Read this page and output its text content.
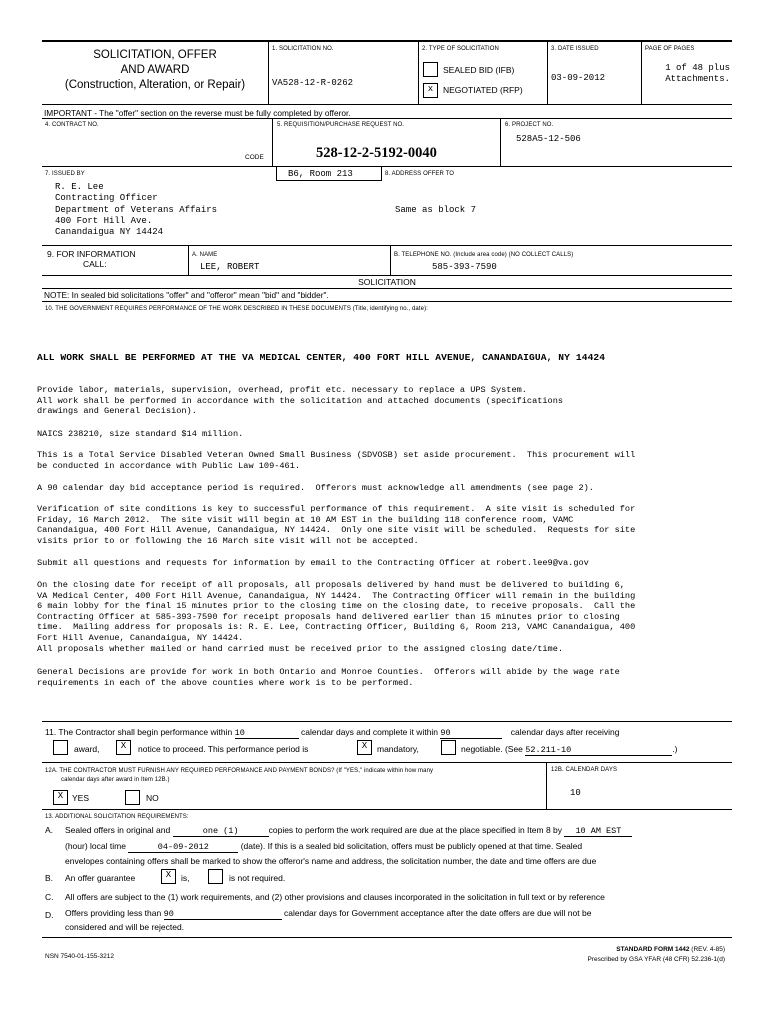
SOLICITATION, OFFER
AND AWARD
(Construction, Alteration, or Repair)
1. SOLICITATION NO.
VA528-12-R-0262
2. TYPE OF SOLICITATION
SEALED BID (IFB)
x	NEGOTIATED (RFP)
3. DATE ISSUED
03-09-2012
PAGE OF PAGES
1 of 48 plus
Attachments.
IMPORTANT - The "offer" section on the reverse must be fully completed by offeror.
4. CONTRACT NO.
CODE
5. REQUISITION/PURCHASE REQUEST NO.
528-12-2-5192-0040
6. PROJECT NO.
528A5-12-506
7. ISSUED BY
R. E. Lee
Contracting Officer
Department of Veterans Affairs
400 Fort Hill Ave.
Canandaigua NY 14424
B6, Room 213	8. ADDRESS OFFER TO
Same as block 7
9. FOR INFORMATION
CALL:
A. NAME
LEE, ROBERT
B. TELEPHONE NO. (Include area code) (NO COLLECT CALLS)
585-393-7590
SOLICITATION
NOTE: In sealed bid solicitations "offer" and "offeror" mean "bid" and "bidder".
10. THE GOVERNMENT REQUIRES PERFORMANCE OF THE WORK DESCRIBED IN THESE DOCUMENTS (Title, identifying no., date):
ALL WORK SHALL BE PERFORMED AT THE VA MEDICAL CENTER, 400 FORT HILL AVENUE, CANANDAIGUA, NY 14424
Provide labor, materials, supervision, overhead, profit etc. necessary to replace a UPS System.
All work shall be performed in accordance with the solicitation and attached documents (specifications
drawings and General Decision).
NAICS 238210, size standard $14 million.
This is a Total Service Disabled Veteran Owned Small Business (SDVOSB) set aside procurement.  This procurement will
be conducted in accordance with Public Law 109-461.
A 90 calendar day bid acceptance period is required.  Offerors must acknowledge all amendments (see page 2).
Verification of site conditions is key to successful performance of this requirement.  A site visit is scheduled for
Friday, 16 March 2012.  The site visit will begin at 10 AM EST in the building 118 conference room, VAMC
Canandaigua, 400 Fort Hill Avenue, Canandaigua, NY 14424.  Only one site visit will be scheduled.  Requests for site
visits prior to or following the 16 March site visit will not be accepted.
Submit all questions and requests for information by email to the Contracting Officer at robert.lee9@va.gov
On the closing date for receipt of all proposals, all proposals delivered by hand must be delivered to building 6,
VA Medical Center, 400 Fort Hill Avenue, Canandaigua, NY 14424.  The Contracting Officer will remain in the building
6 main lobby for the final 15 minutes prior to the closing time on the closing date, to receive proposals.  Call the
Contracting Officer at 585-393-7590 for receipt proposals hand delivered earlier than 15 minutes prior to closing
time.  Mailing address for proposals is: R. E. Lee, Contracting Officer, Building 6, Room 213, VAMC Canandaigua, 400
Fort Hill Avenue, Canandaigua, NY 14424.
All proposals whether mailed or hand carried must be received prior to the assigned closing date/time.
General Decisions are provide for work in both Ontario and Monroe Counties.  Offerors will abide by the wage rate
requirements in each of the above counties where work is to be performed.
11. The Contractor shall begin performance within 10	calendar days and complete it within 90	calendar days after receiving
award,	X	notice to proceed. This performance period is	X	mandatory,	negotiable. (See 52.211-10	.)
12A. THE CONTRACTOR MUST FURNISH ANY REQUIRED PERFORMANCE AND PAYMENT BONDS? (If "YES," indicate within how many
calendar days after award in Item 12B.)
X	YES	NO
12B. CALENDAR DAYS
10
13. ADDITIONAL SOLICITATION REQUIREMENTS:
A. Sealed offers in original and	one (1)	copies to perform the work required are due at the place specified in Item 8 by 10 AM EST
(hour) local time	04-09-2012	(date). If this is a sealed bid solicitation, offers must be publicly opened at that time. Sealed
envelopes containing offers shall be marked to show the offeror's name and address, the solicitation number, the date and time offers are due
B. An offer guarantee	X	is,	is not required.
C. All offers are subject to the (1) work requirements, and (2) other provisions and clauses incorporated in the solicitation in full text or by reference
D. Offers providing less than 90	calendar days for Government acceptance after the date offers are due will not be
considered and will be rejected.
NSN 7540-01-155-3212
STANDARD FORM 1442 (REV. 4-85)
Prescribed by GSA YFAR (48 CFR) 52.236-1(d)
